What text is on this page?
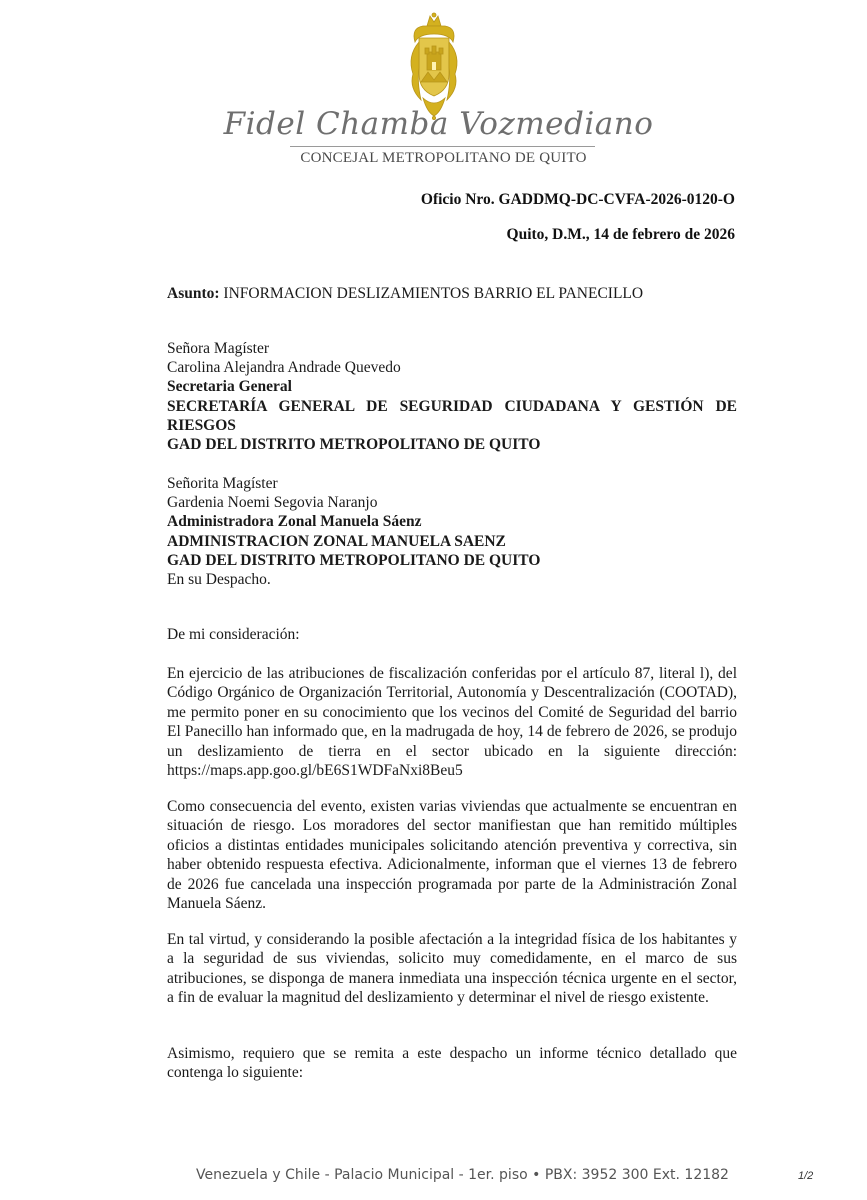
Fidel Chamba Vozmediano
CONCEJAL METROPOLITANO DE QUITO
Oficio Nro. GADDMQ-DC-CVFA-2026-0120-O
Quito, D.M., 14 de febrero de 2026
Asunto: INFORMACION DESLIZAMIENTOS BARRIO EL PANECILLO
Señora Magíster
Carolina Alejandra Andrade Quevedo
Secretaria General
SECRETARÍA GENERAL DE SEGURIDAD CIUDADANA Y GESTIÓN DE
RIESGOS
GAD DEL DISTRITO METROPOLITANO DE QUITO
Señorita Magíster
Gardenia Noemi Segovia Naranjo
Administradora Zonal Manuela Sáenz
ADMINISTRACION ZONAL MANUELA SAENZ
GAD DEL DISTRITO METROPOLITANO DE QUITO
En su Despacho.
De mi consideración:

En ejercicio de las atribuciones de fiscalización conferidas por el artículo 87, literal l), del Código Orgánico de Organización Territorial, Autonomía y Descentralización (COOTAD), me permito poner en su conocimiento que los vecinos del Comité de Seguridad del barrio El Panecillo han informado que, en la madrugada de hoy, 14 de febrero de 2026, se produjo un deslizamiento de tierra en el sector ubicado en la siguiente dirección: https://maps.app.goo.gl/bE6S1WDFaNxi8Beu5

Como consecuencia del evento, existen varias viviendas que actualmente se encuentran en situación de riesgo. Los moradores del sector manifiestan que han remitido múltiples oficios a distintas entidades municipales solicitando atención preventiva y correctiva, sin haber obtenido respuesta efectiva. Adicionalmente, informan que el viernes 13 de febrero de 2026 fue cancelada una inspección programada por parte de la Administración Zonal Manuela Sáenz.

En tal virtud, y considerando la posible afectación a la integridad física de los habitantes y a la seguridad de sus viviendas, solicito muy comedidamente, en el marco de sus atribuciones, se disponga de manera inmediata una inspección técnica urgente en el sector, a fin de evaluar la magnitud del deslizamiento y determinar el nivel de riesgo existente.

Asimismo, requiero que se remita a este despacho un informe técnico detallado que contenga lo siguiente:

Venezuela y Chile - Palacio Municipal - 1er. piso • PBX: 3952 300 Ext. 12182	1/2
